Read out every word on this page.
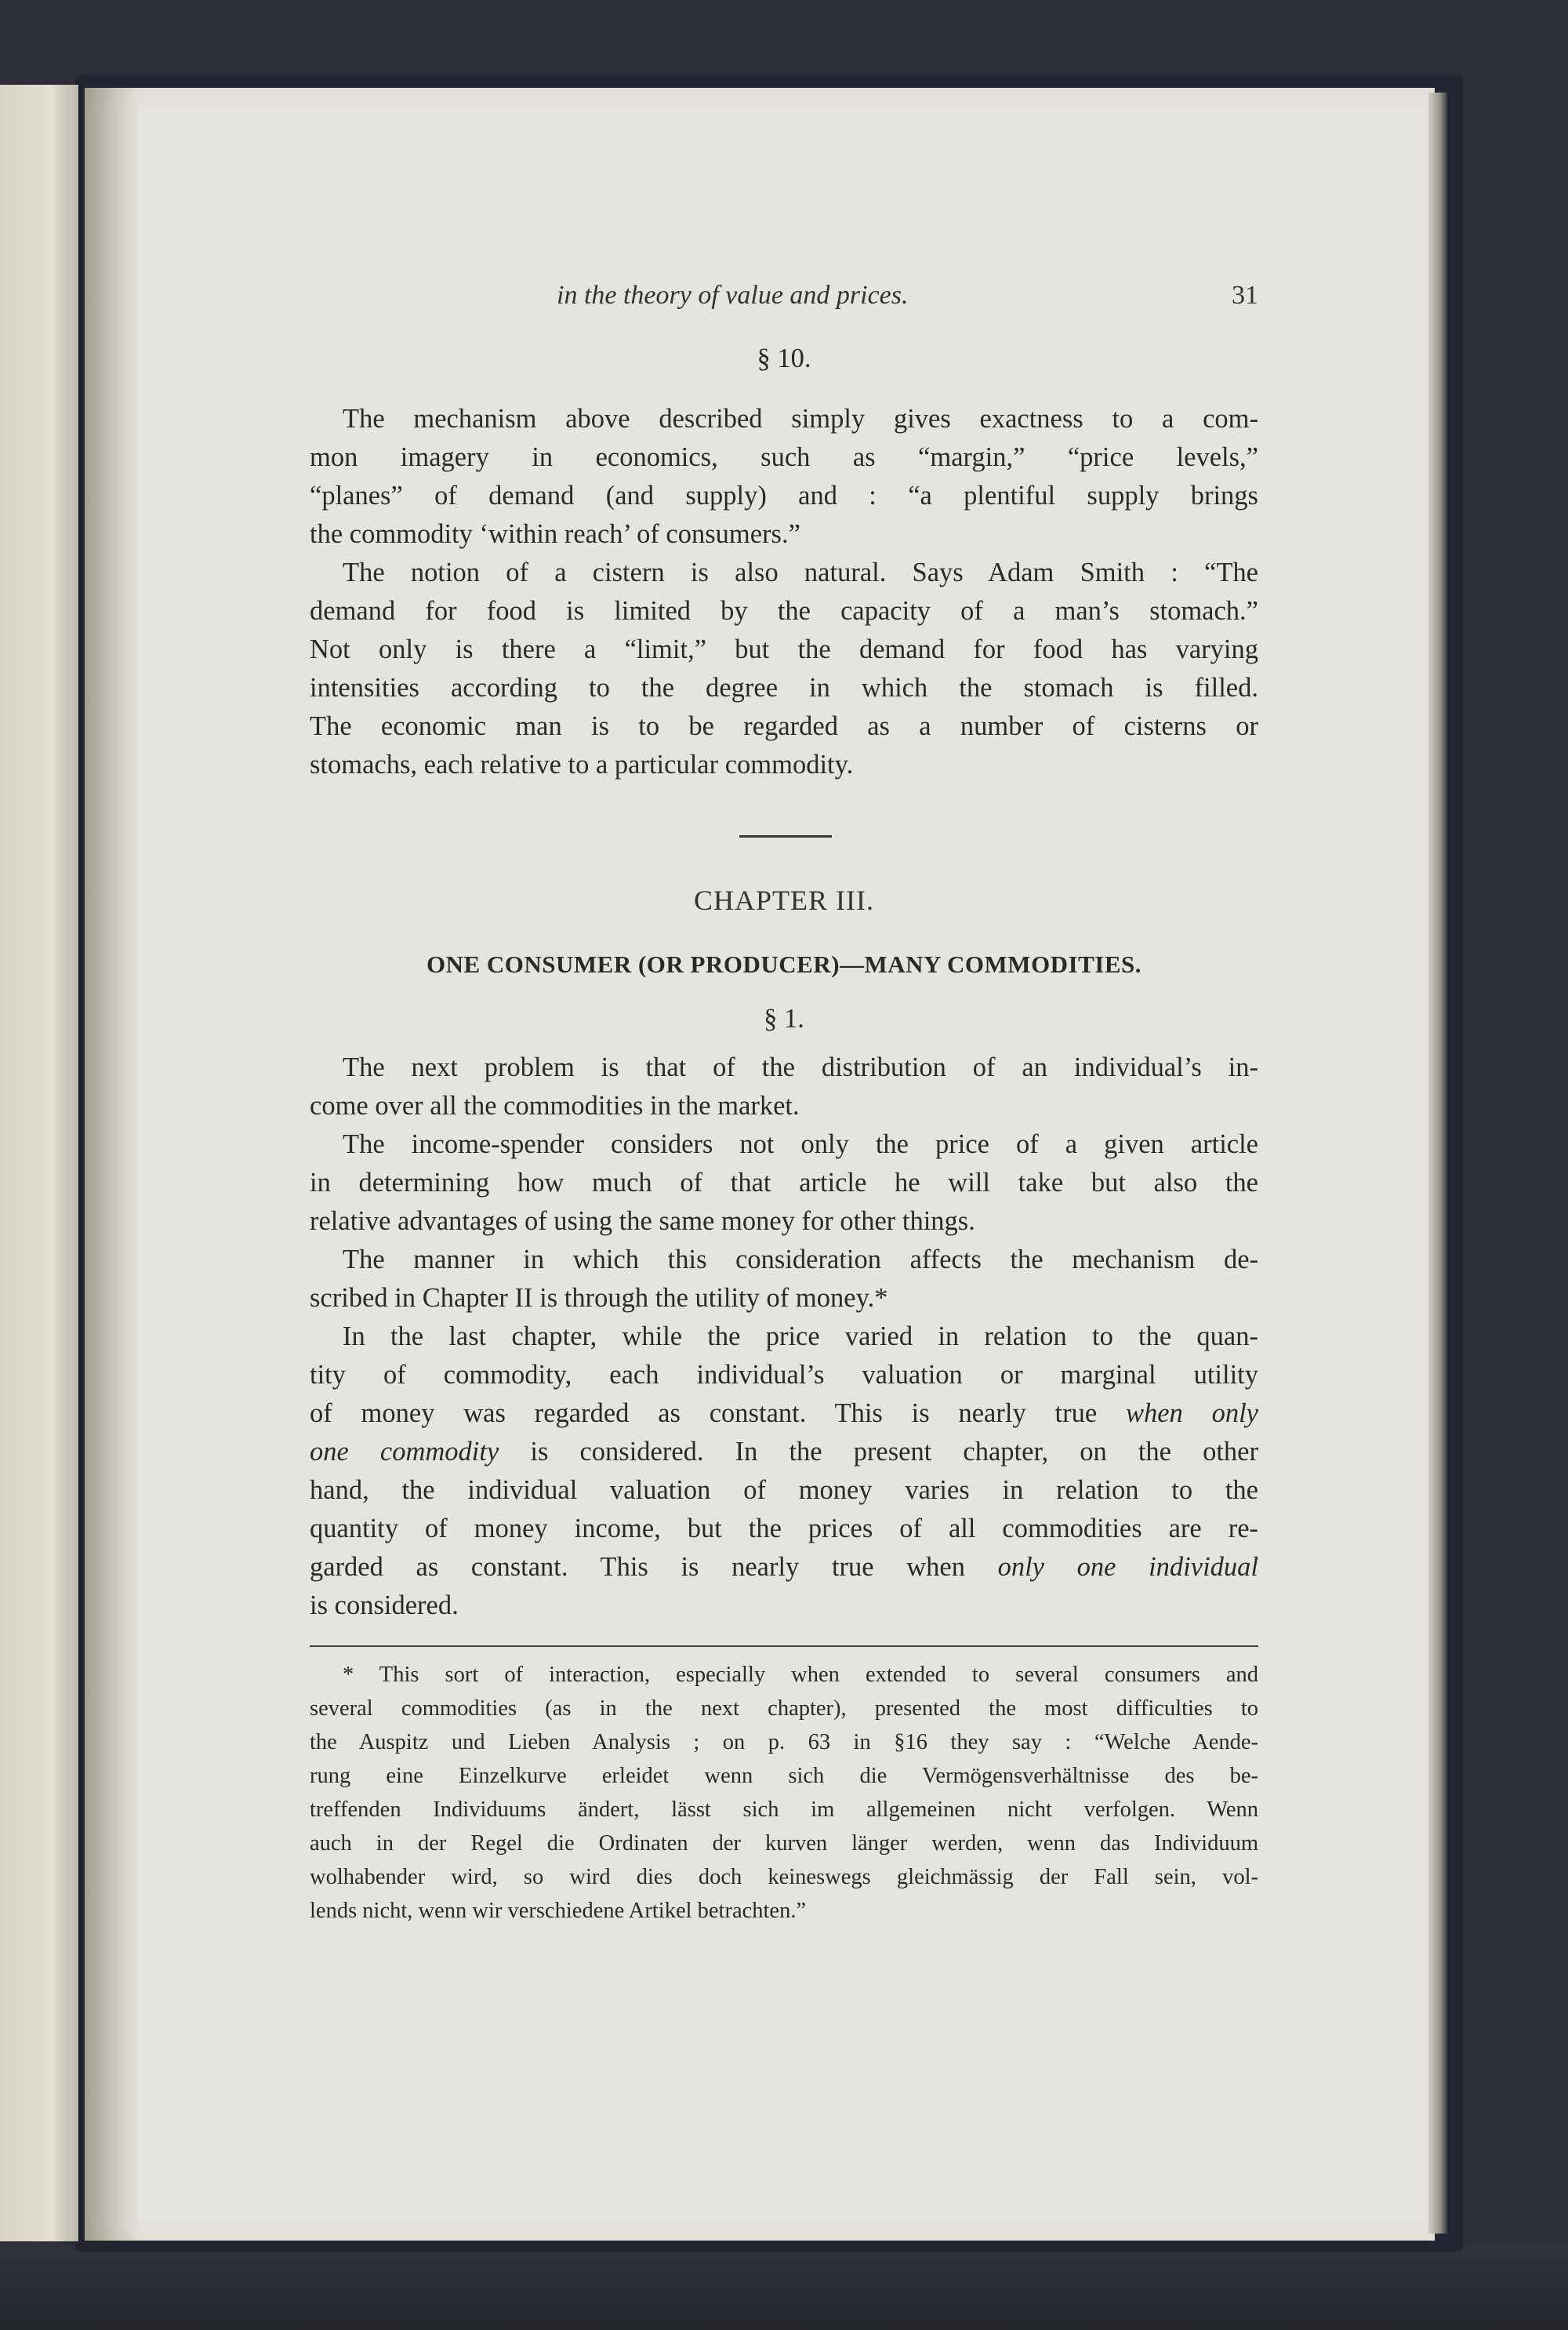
in the theory of value and prices.	31
§ 10.
The mechanism above described simply gives exactness to a com-
mon imagery in economics, such as “margin,” “price levels,”
“planes” of demand (and supply) and : “a plentiful supply brings
the commodity ‘within reach’ of consumers.”
The notion of a cistern is also natural. Says Adam Smith : “The
demand for food is limited by the capacity of a man’s stomach.”
Not only is there a “limit,” but the demand for food has varying
intensities according to the degree in which the stomach is filled.
The economic man is to be regarded as a number of cisterns or
stomachs, each relative to a particular commodity.
CHAPTER III.
ONE CONSUMER (OR PRODUCER)—MANY COMMODITIES.
§ 1.
The next problem is that of the distribution of an individual’s in-
come over all the commodities in the market.
The income-spender considers not only the price of a given article
in determining how much of that article he will take but also the
relative advantages of using the same money for other things.
The manner in which this consideration affects the mechanism de-
scribed in Chapter II is through the utility of money.*
In the last chapter, while the price varied in relation to the quan-
tity of commodity, each individual’s valuation or marginal utility
of money was regarded as constant. This is nearly true when only
one commodity is considered. In the present chapter, on the other
hand, the individual valuation of money varies in relation to the
quantity of money income, but the prices of all commodities are re-
garded as constant. This is nearly true when only one individual
is considered.
* This sort of interaction, especially when extended to several consumers and
several commodities (as in the next chapter), presented the most difficulties to
the Auspitz und Lieben Analysis ; on p. 63 in §16 they say : “Welche Aende-
rung eine Einzelkurve erleidet wenn sich die Vermögensverhältnisse des be-
treffenden Individuums ändert, lässt sich im allgemeinen nicht verfolgen. Wenn
auch in der Regel die Ordinaten der kurven länger werden, wenn das Individuum
wolhabender wird, so wird dies doch keineswegs gleichmässig der Fall sein, vol-
lends nicht, wenn wir verschiedene Artikel betrachten.”
